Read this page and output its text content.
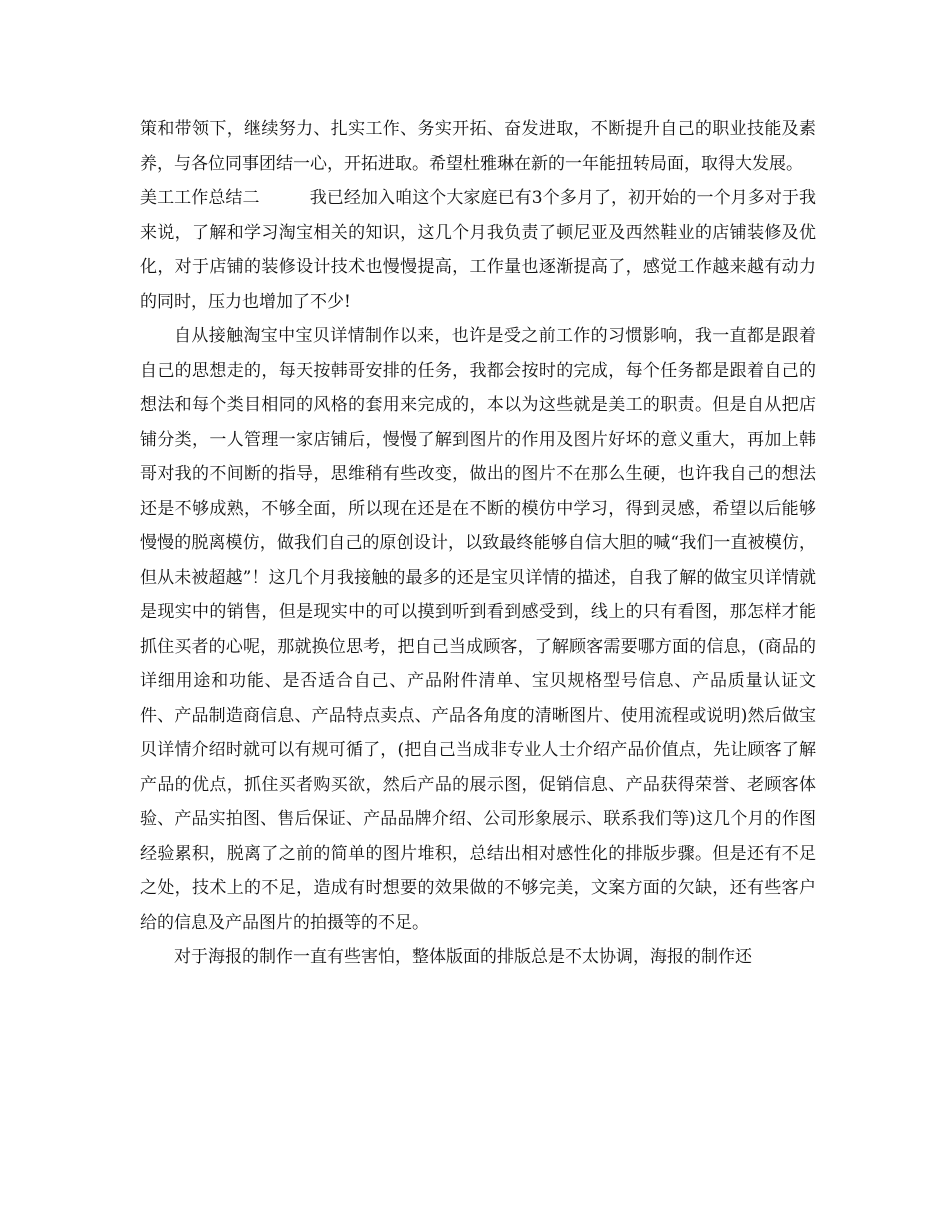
策和带领下，继续努力、扎实工作、务实开拓、奋发进取，不断提升自己的职业技能及素养，与各位同事团结一心，开拓进取。希望杜雅琳在新的一年能扭转局面，取得大发展。

美工工作总结二	我已经加入咱这个大家庭已有3个多月了，初开始的一个月多对于我来说，了解和学习淘宝相关的知识，这几个月我负责了顿尼亚及西然鞋业的店铺装修及优化，对于店铺的装修设计技术也慢慢提高，工作量也逐渐提高了，感觉工作越来越有动力的同时，压力也增加了不少!

自从接触淘宝中宝贝详情制作以来，也许是受之前工作的习惯影响，我一直都是跟着自己的思想走的，每天按韩哥安排的任务，我都会按时的完成，每个任务都是跟着自己的想法和每个类目相同的风格的套用来完成的，本以为这些就是美工的职责。但是自从把店铺分类，一人管理一家店铺后，慢慢了解到图片的作用及图片好坏的意义重大，再加上韩哥对我的不间断的指导，思维稍有些改变，做出的图片不在那么生硬，也许我自己的想法还是不够成熟，不够全面，所以现在还是在不断的模仿中学习，得到灵感，希望以后能够慢慢的脱离模仿，做我们自己的原创设计，以致最终能够自信大胆的喊“我们一直被模仿，但从未被超越”！这几个月我接触的最多的还是宝贝详情的描述，自我了解的做宝贝详情就是现实中的销售，但是现实中的可以摸到听到看到感受到，线上的只有看图，那怎样才能抓住买者的心呢，那就换位思考，把自己当成顾客，了解顾客需要哪方面的信息，(商品的详细用途和功能、是否适合自己、产品附件清单、宝贝规格型号信息、产品质量认证文件、产品制造商信息、产品特点卖点、产品各角度的清晰图片、使用流程或说明)然后做宝贝详情介绍时就可以有规可循了，(把自己当成非专业人士介绍产品价值点，先让顾客了解产品的优点，抓住买者购买欲，然后产品的展示图，促销信息、产品获得荣誉、老顾客体验、产品实拍图、售后保证、产品品牌介绍、公司形象展示、联系我们等)这几个月的作图经验累积，脱离了之前的简单的图片堆积，总结出相对感性化的排版步骤。但是还有不足之处，技术上的不足，造成有时想要的效果做的不够完美，文案方面的欠缺，还有些客户给的信息及产品图片的拍摄等的不足。

对于海报的制作一直有些害怕，整体版面的排版总是不太协调，海报的制作还
